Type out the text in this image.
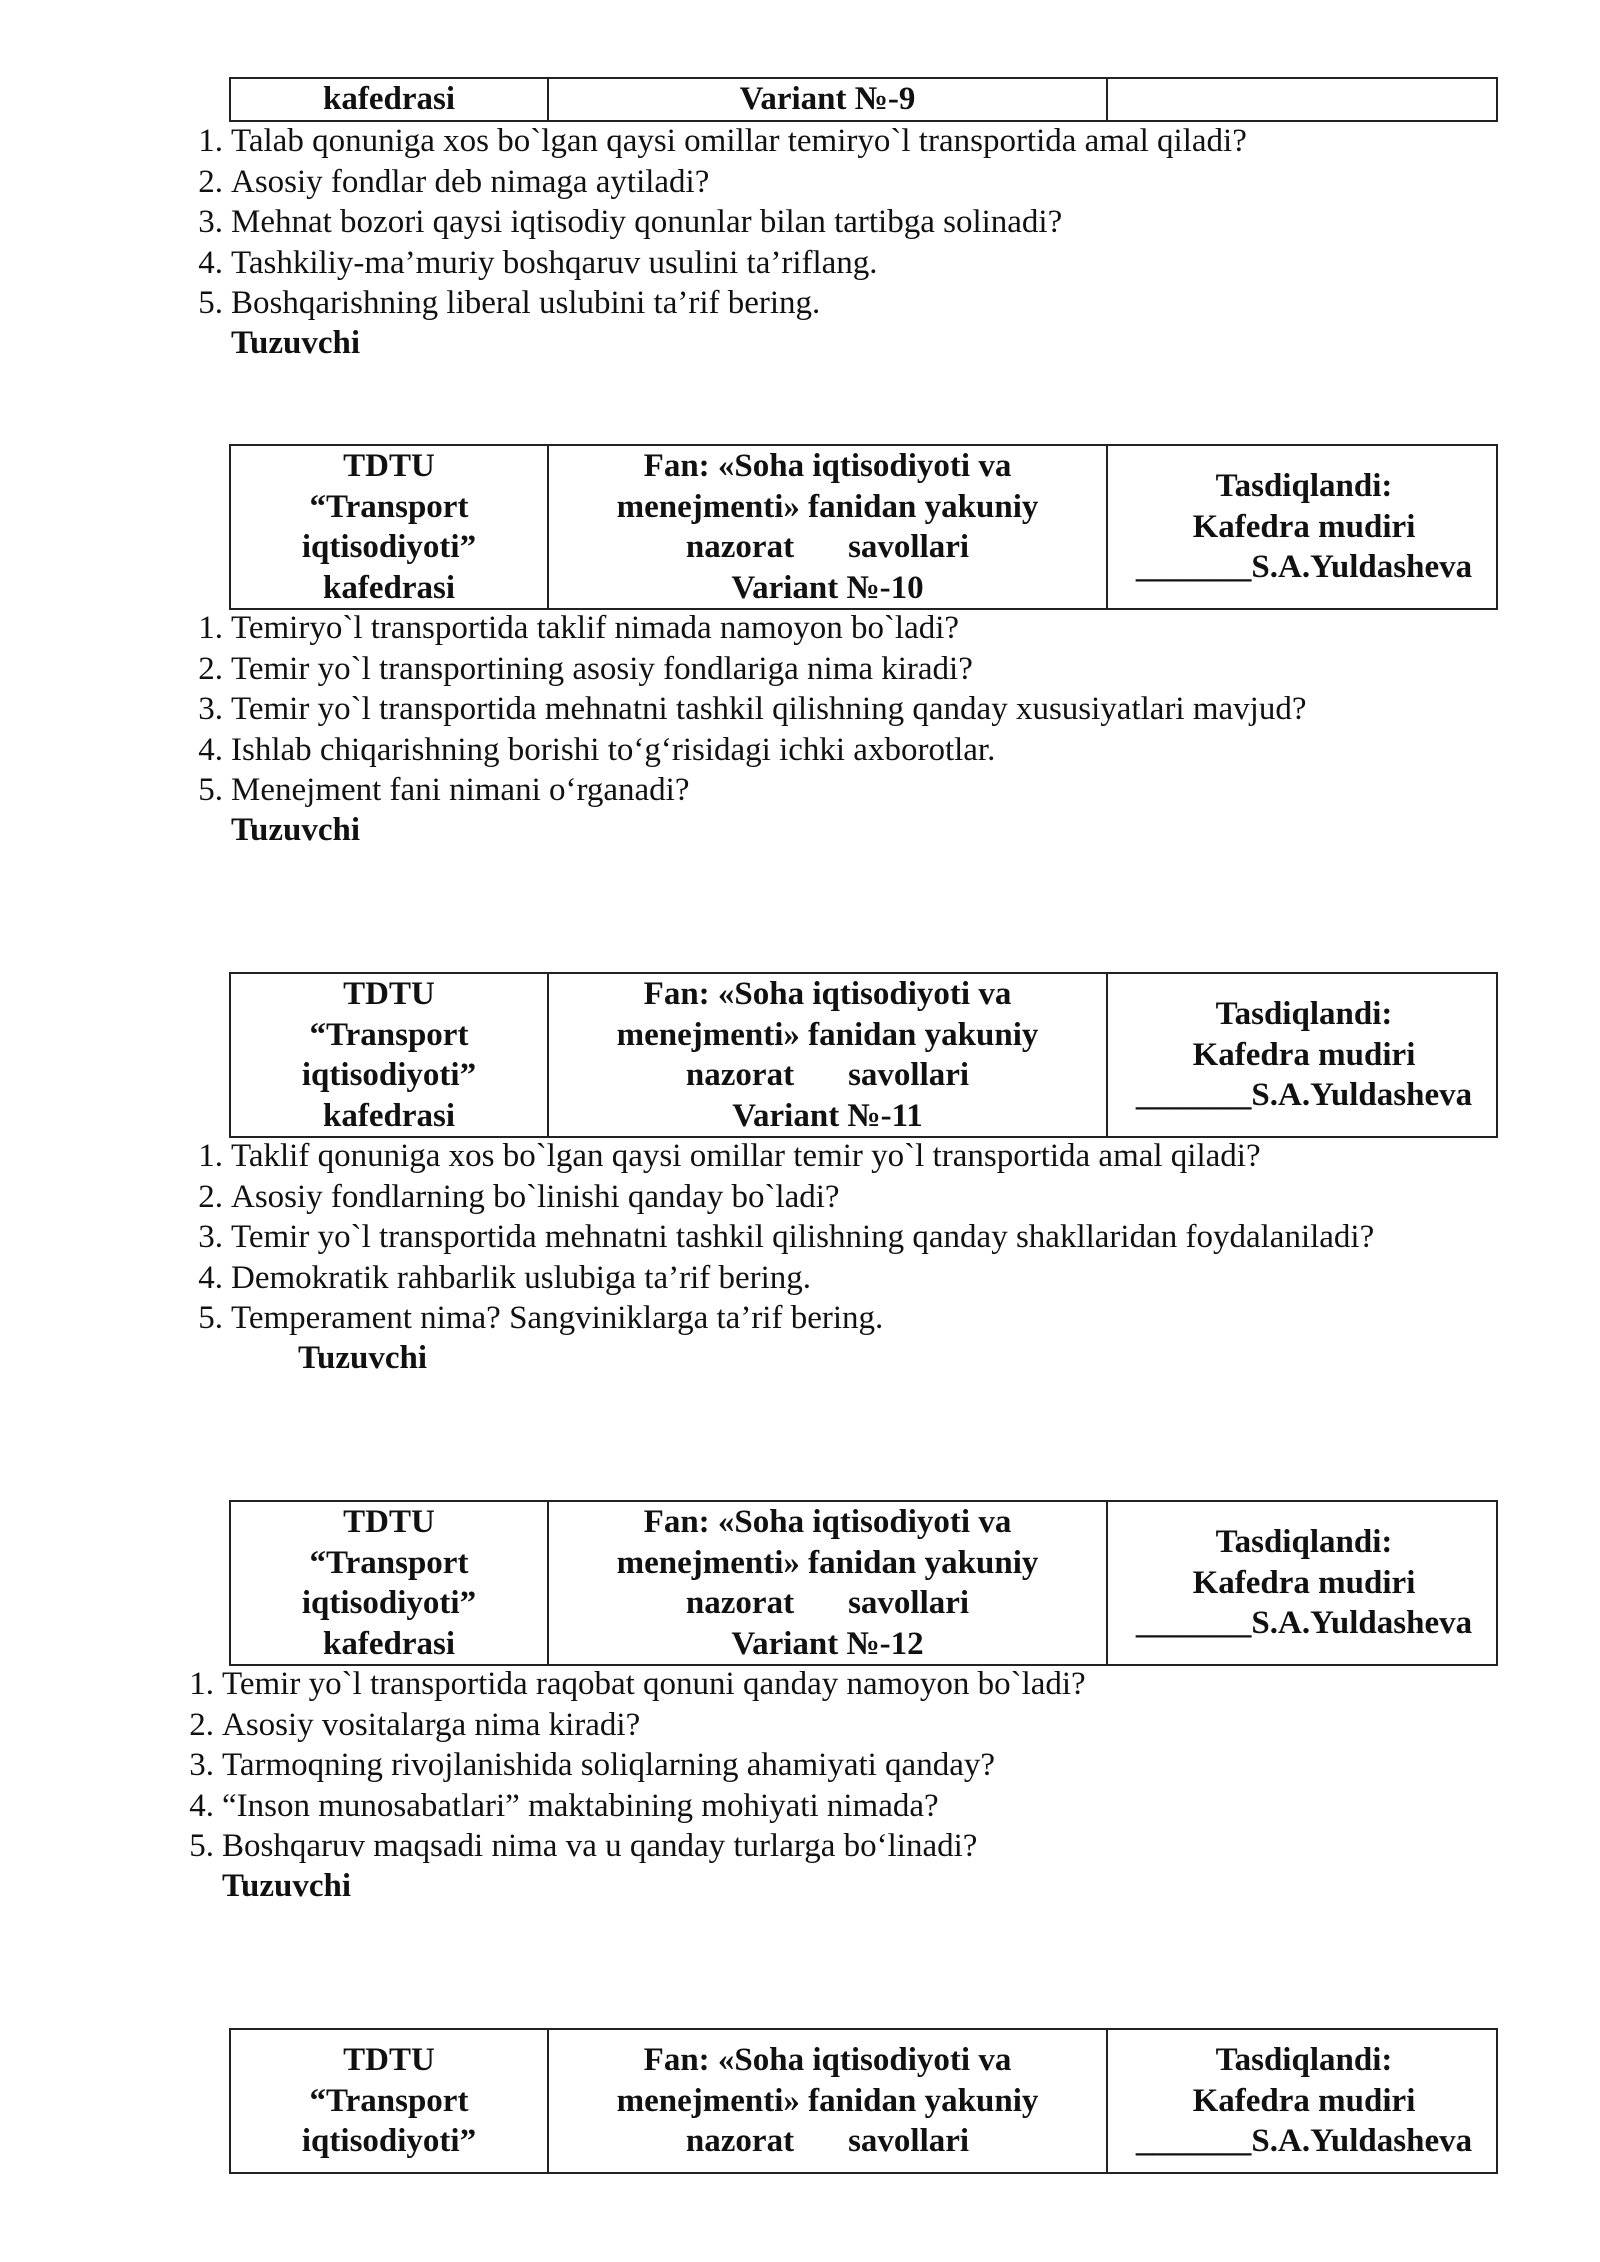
kafedrasi	Variant №-9

1. Talab qonuniga xos bo`lgan qaysi omillar temiryo`l transportida amal qiladi?
2. Asosiy fondlar deb nimaga aytiladi?
3. Mehnat bozori qaysi iqtisodiy qonunlar bilan tartibga solinadi?
4. Tashkiliy-ma’muriy boshqaruv usulini ta’riflang.
5. Boshqarishning liberal uslubini ta’rif bering.
Tuzuvchi
TDTU
“Transport
iqtisodiyoti”
kafedrasi

Fan: «Soha iqtisodiyoti va
menejmenti» fanidan yakuniy
nazorat savollari
Variant №-10

Tasdiqlandi:
Kafedra mudiri
_______S.A.Yuldasheva
1. Temiryo`l transportida taklif nimada namoyon bo`ladi?
2. Temir yo`l transportining asosiy fondlariga nima kiradi?
3. Temir yo`l transportida mehnatni tashkil qilishning qanday xususiyatlari mavjud?
4. Ishlab chiqarishning borishi to‘g‘risidagi ichki axborotlar.
5. Menejment fani nimani o‘rganadi?
Tuzuvchi
TDTU
“Transport
iqtisodiyoti”
kafedrasi

Fan: «Soha iqtisodiyoti va
menejmenti» fanidan yakuniy
nazorat savollari
Variant №-11

Tasdiqlandi:
Kafedra mudiri
_______S.A.Yuldasheva
1. Taklif qonuniga xos bo`lgan qaysi omillar temir yo`l transportida amal qiladi?
2. Asosiy fondlarning bo`linishi qanday bo`ladi?
3. Temir yo`l transportida mehnatni tashkil qilishning qanday shakllaridan foydalaniladi?
4. Demokratik rahbarlik uslubiga ta’rif bering.
5. Temperament nima? Sangviniklarga ta’rif bering.
Tuzuvchi
TDTU
“Transport
iqtisodiyoti”
kafedrasi

Fan: «Soha iqtisodiyoti va
menejmenti» fanidan yakuniy
nazorat savollari
Variant №-12

Tasdiqlandi:
Kafedra mudiri
_______S.A.Yuldasheva
1. Temir yo`l transportida raqobat qonuni qanday namoyon bo`ladi?
2. Asosiy vositalarga nima kiradi?
3. Tarmoqning rivojlanishida soliqlarning ahamiyati qanday?
4. “Inson munosabatlari” maktabining mohiyati nimada?
5. Boshqaruv maqsadi nima va u qanday turlarga bo‘linadi?
Tuzuvchi
TDTU
“Transport
iqtisodiyoti”

Fan: «Soha iqtisodiyoti va
menejmenti» fanidan yakuniy
nazorat savollari

Tasdiqlandi:
Kafedra mudiri
_______S.A.Yuldasheva
